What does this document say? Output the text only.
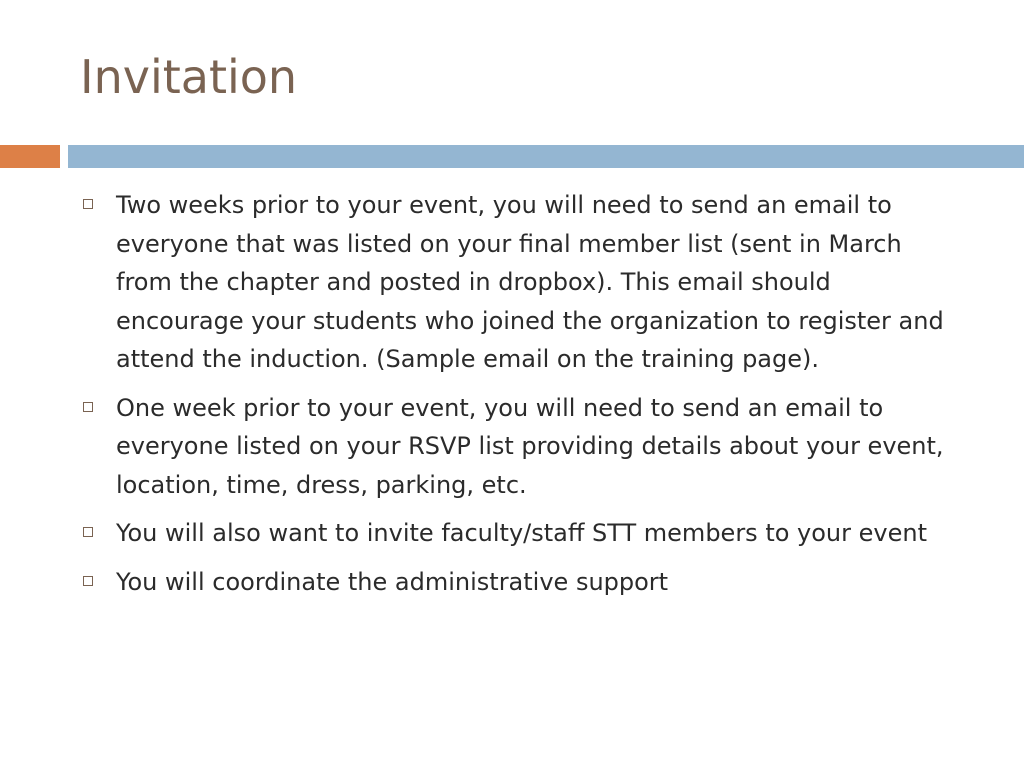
Invitation
Two weeks prior to your event, you will need to send an email to everyone that was listed on your final member list (sent in March from the chapter and posted in dropbox). This email should encourage your students who joined the organization to register and attend the induction. (Sample email on the training page).
One week prior to your event, you will need to send an email to everyone listed on your RSVP list providing details about your event, location, time, dress, parking, etc.
You will also want to invite faculty/staff STT members to your event
You will coordinate the administrative support
